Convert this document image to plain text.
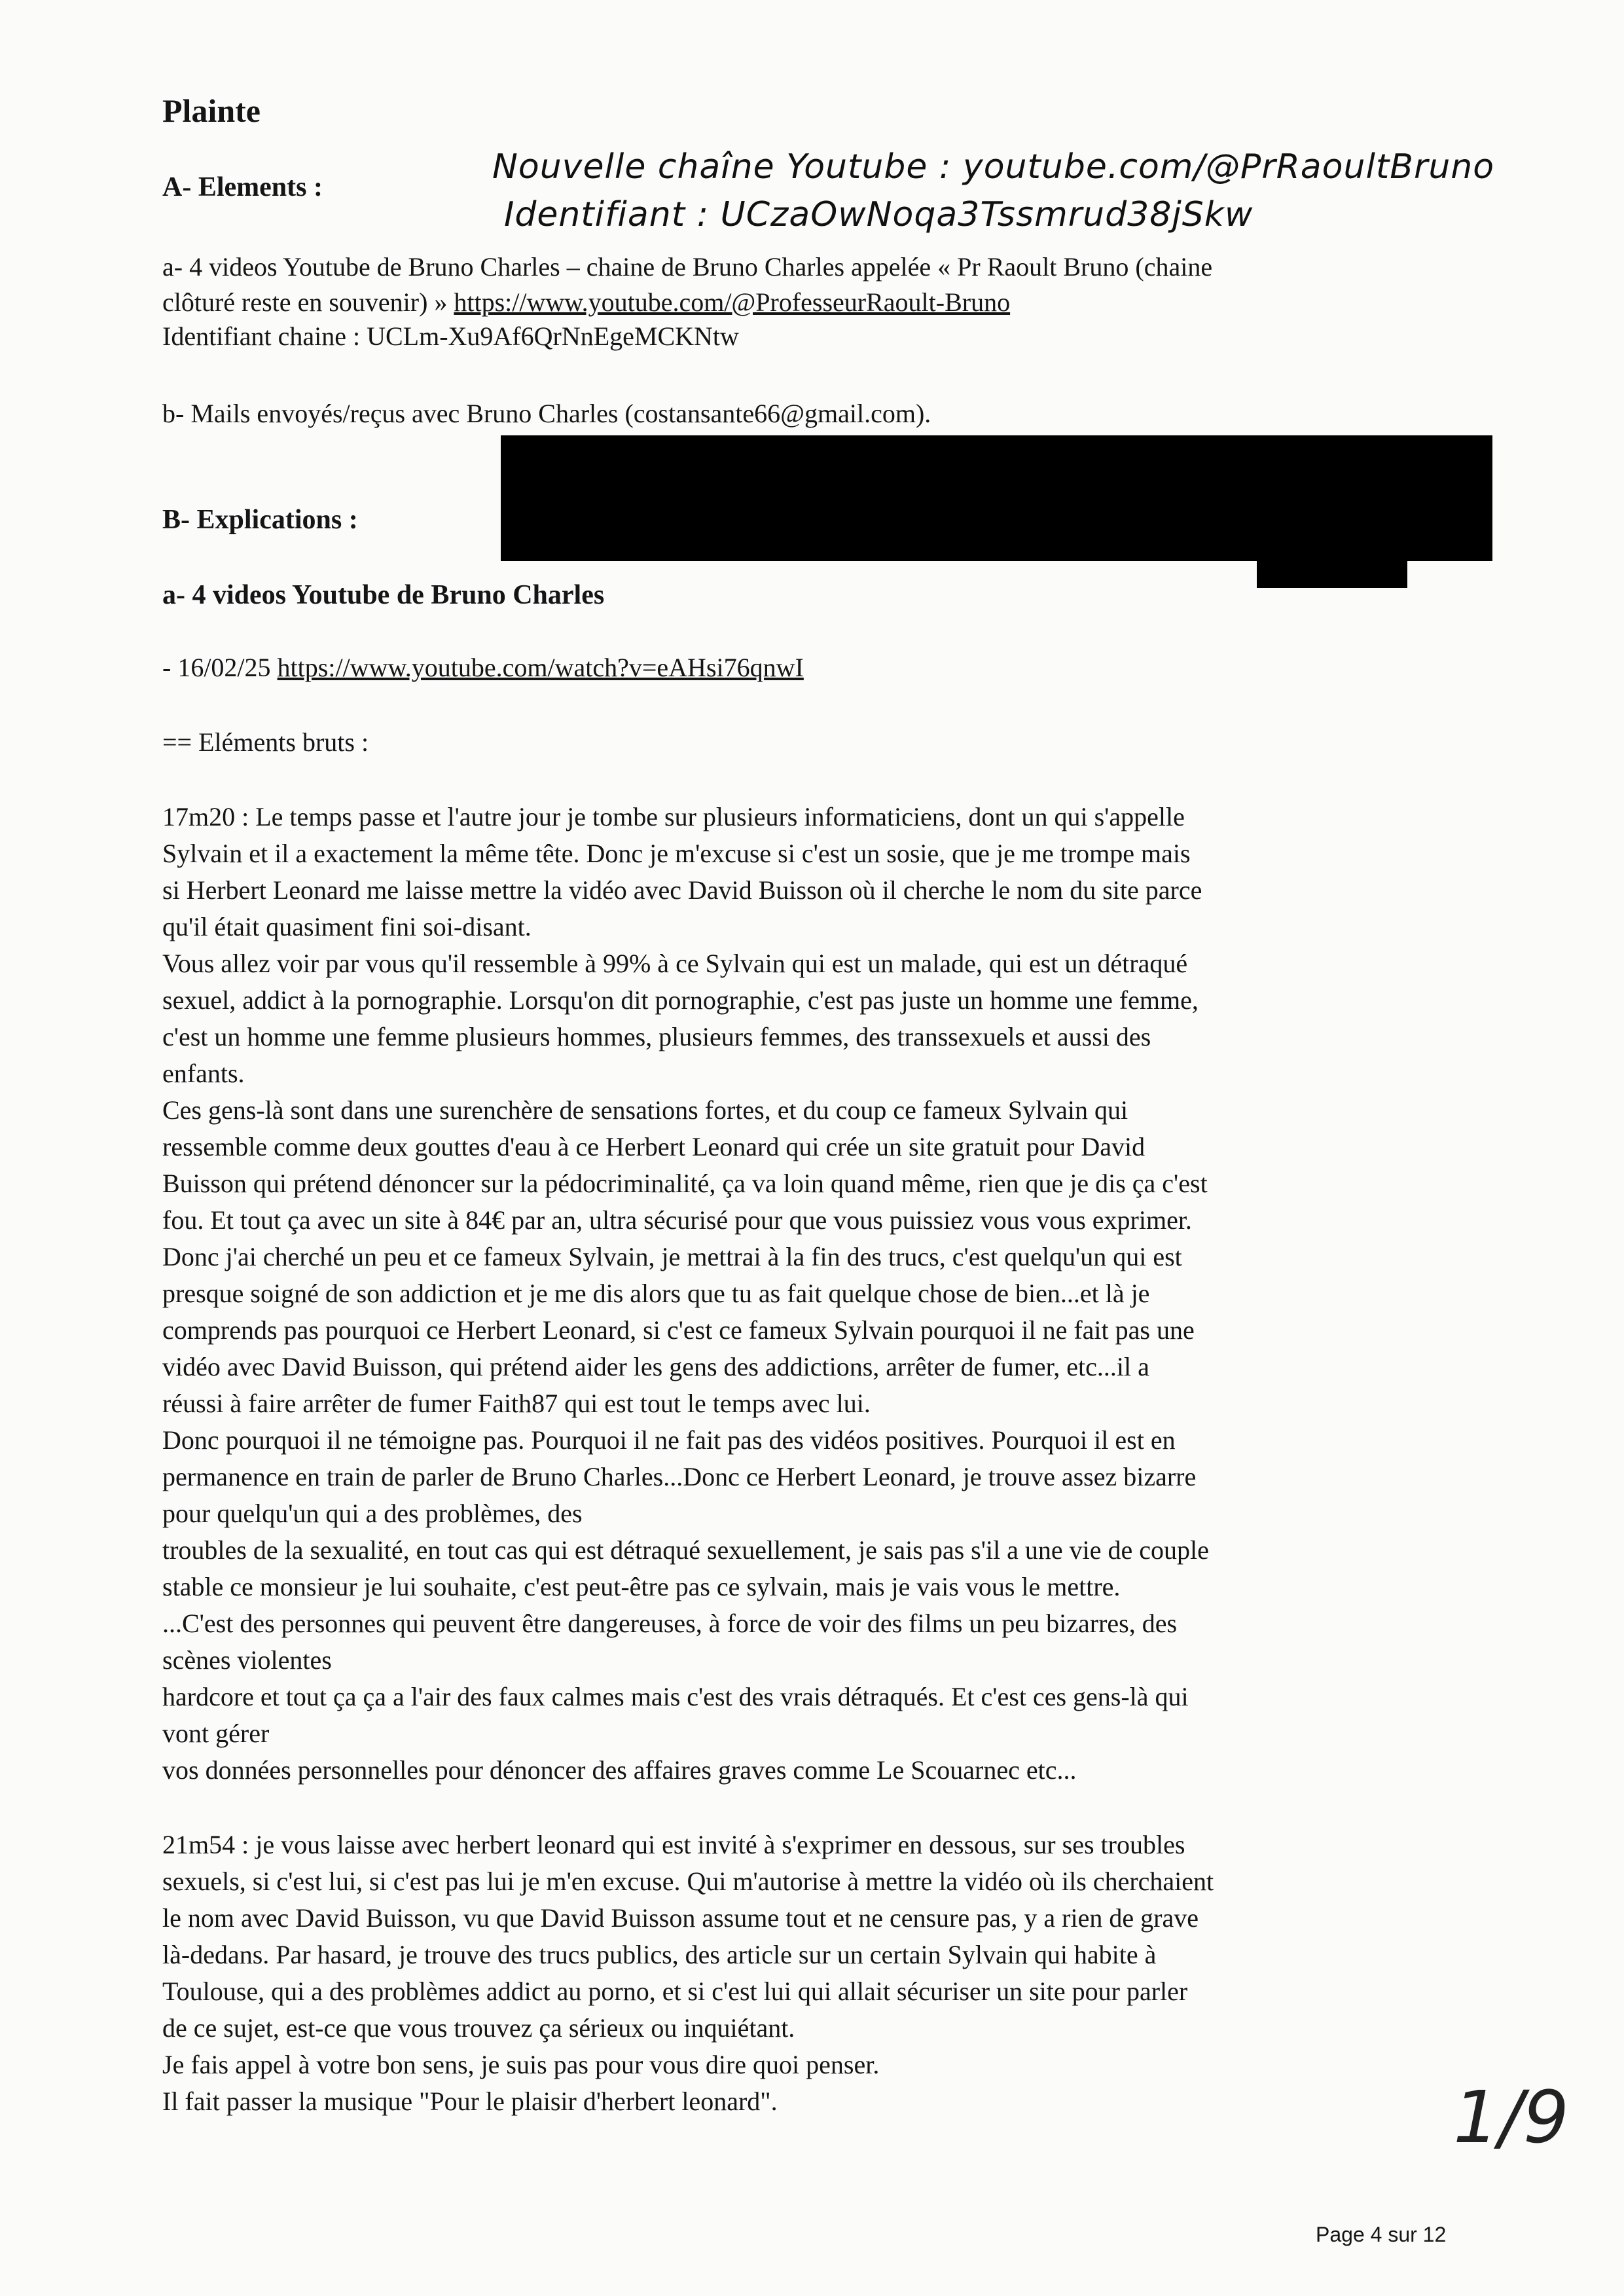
Plainte
A- Elements :
Nouvelle chaîne Youtube : youtube.com/@PrRaoultBruno
Identifiant : UCzaOwNoqa3Tssmrud38jSkw
a- 4 videos Youtube de Bruno Charles – chaine de Bruno Charles appelée « Pr Raoult Bruno (chaine
clôturé reste en souvenir) » https://www.youtube.com/@ProfesseurRaoult-Bruno
Identifiant chaine : UCLm-Xu9Af6QrNnEgeMCKNtw
b- Mails envoyés/reçus avec Bruno Charles (costansante66@gmail.com).
B- Explications :
a- 4 videos Youtube de Bruno Charles
- 16/02/25 https://www.youtube.com/watch?v=eAHsi76qnwI
== Eléments bruts :

17m20 : Le temps passe et l'autre jour je tombe sur plusieurs informaticiens, dont un qui s'appelle

Sylvain et il a exactement la même tête. Donc je m'excuse si c'est un sosie, que je me trompe mais

si Herbert Leonard me laisse mettre la vidéo avec David Buisson où il cherche le nom du site parce

qu'il était quasiment fini soi-disant.

Vous allez voir par vous qu'il ressemble à 99% à ce Sylvain qui est un malade, qui est un détraqué

sexuel, addict à la pornographie. Lorsqu'on dit pornographie, c'est pas juste un homme une femme,

c'est un homme une femme plusieurs hommes, plusieurs femmes, des transsexuels et aussi des

enfants.

Ces gens-là sont dans une surenchère de sensations fortes, et du coup ce fameux Sylvain qui

ressemble comme deux gouttes d'eau à ce Herbert Leonard qui crée un site gratuit pour David

Buisson qui prétend dénoncer sur la pédocriminalité, ça va loin quand même, rien que je dis ça c'est

fou. Et tout ça avec un site à 84€ par an, ultra sécurisé pour que vous puissiez vous vous exprimer.

Donc j'ai cherché un peu et ce fameux Sylvain, je mettrai à la fin des trucs, c'est quelqu'un qui est

presque soigné de son addiction et je me dis alors que tu as fait quelque chose de bien...et là je

comprends pas pourquoi ce Herbert Leonard, si c'est ce fameux Sylvain pourquoi il ne fait pas une

vidéo avec David Buisson, qui prétend aider les gens des addictions, arrêter de fumer, etc...il a

réussi à faire arrêter de fumer Faith87 qui est tout le temps avec lui.

Donc pourquoi il ne témoigne pas. Pourquoi il ne fait pas des vidéos positives. Pourquoi il est en

permanence en train de parler de Bruno Charles...Donc ce Herbert Leonard, je trouve assez bizarre

pour quelqu'un qui a des problèmes, des

troubles de la sexualité, en tout cas qui est détraqué sexuellement, je sais pas s'il a une vie de couple

stable ce monsieur je lui souhaite, c'est peut-être pas ce sylvain, mais je vais vous le mettre.

...C'est des personnes qui peuvent être dangereuses, à force de voir des films un peu bizarres, des

scènes violentes

hardcore et tout ça ça a l'air des faux calmes mais c'est des vrais détraqués. Et c'est ces gens-là qui

vont gérer

vos données personnelles pour dénoncer des affaires graves comme Le Scouarnec etc...

21m54 : je vous laisse avec herbert leonard qui est invité à s'exprimer en dessous, sur ses troubles

sexuels, si c'est lui, si c'est pas lui je m'en excuse. Qui m'autorise à mettre la vidéo où ils cherchaient

le nom avec David Buisson, vu que David Buisson assume tout et ne censure pas, y a rien de grave

là-dedans. Par hasard, je trouve des trucs publics, des article sur un certain Sylvain qui habite à

Toulouse, qui a des problèmes addict au porno, et si c'est lui qui allait sécuriser un site pour parler

de ce sujet, est-ce que vous trouvez ça sérieux ou inquiétant.

Je fais appel à votre bon sens, je suis pas pour vous dire quoi penser.

Il fait passer la musique "Pour le plaisir d'herbert leonard".	1/9
Page 4 sur 12
